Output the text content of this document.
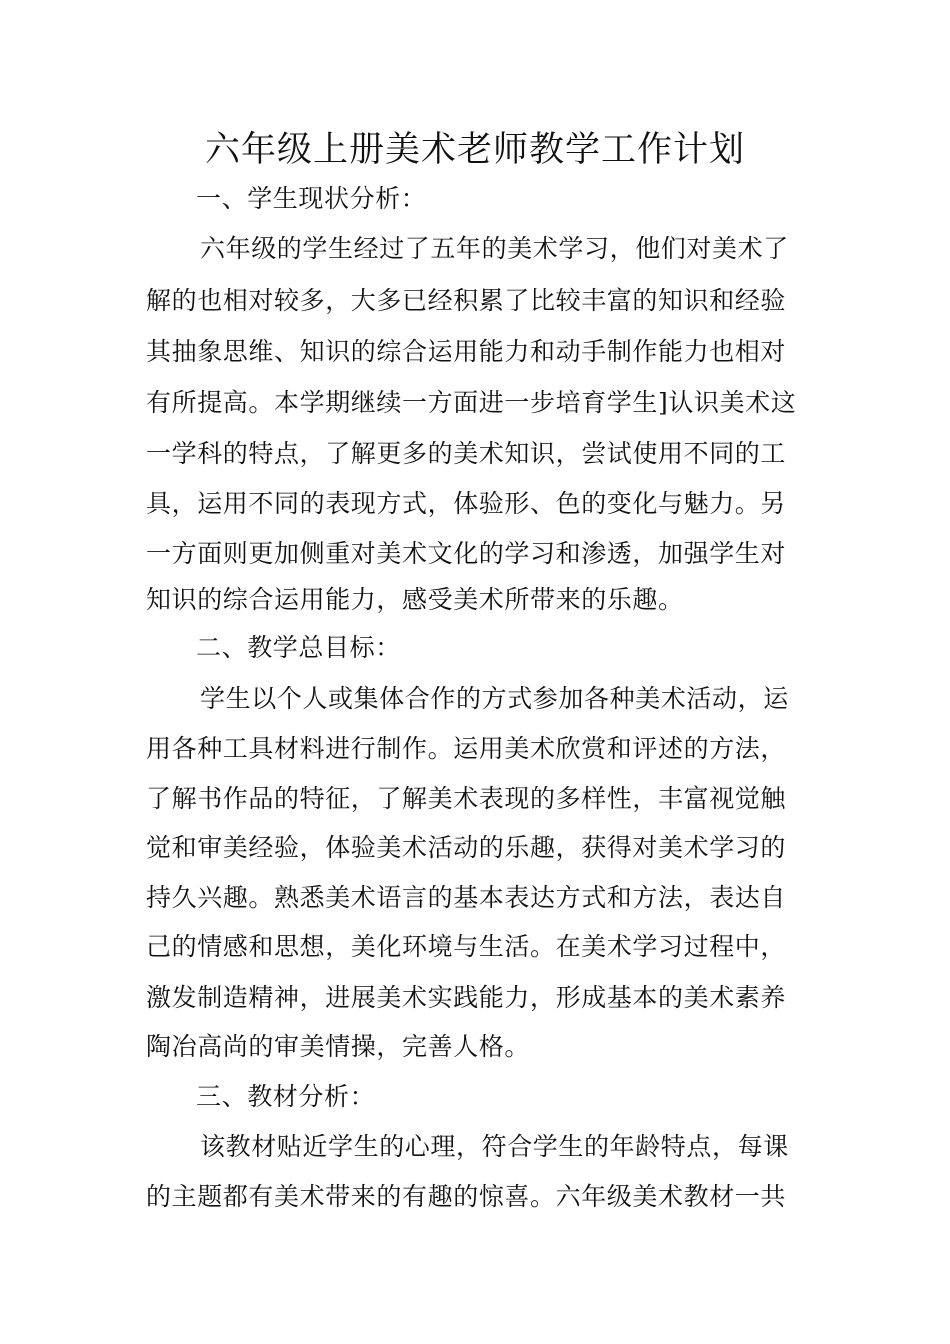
六年级上册美术老师教学工作计划
一、学生现状分析：
六年级的学生经过了五年的美术学习，他们对美术了
解的也相对较多，大多已经积累了比较丰富的知识和经验
其抽象思维、知识的综合运用能力和动手制作能力也相对
有所提高。本学期继续一方面进一步培育学生]认识美术这
一学科的特点，了解更多的美术知识，尝试使用不同的工
具，运用不同的表现方式，体验形、色的变化与魅力。另
一方面则更加侧重对美术文化的学习和渗透，加强学生对
知识的综合运用能力，感受美术所带来的乐趣。
二、教学总目标：
学生以个人或集体合作的方式参加各种美术活动，运
用各种工具材料进行制作。运用美术欣赏和评述的方法，
了解书作品的特征，了解美术表现的多样性，丰富视觉触
觉和审美经验，体验美术活动的乐趣，获得对美术学习的
持久兴趣。熟悉美术语言的基本表达方式和方法，表达自
己的情感和思想，美化环境与生活。在美术学习过程中，
激发制造精神，进展美术实践能力，形成基本的美术素养
陶冶高尚的审美情操，完善人格。
三、教材分析：
该教材贴近学生的心理，符合学生的年龄特点，每课
的主题都有美术带来的有趣的惊喜。六年级美术教材一共
